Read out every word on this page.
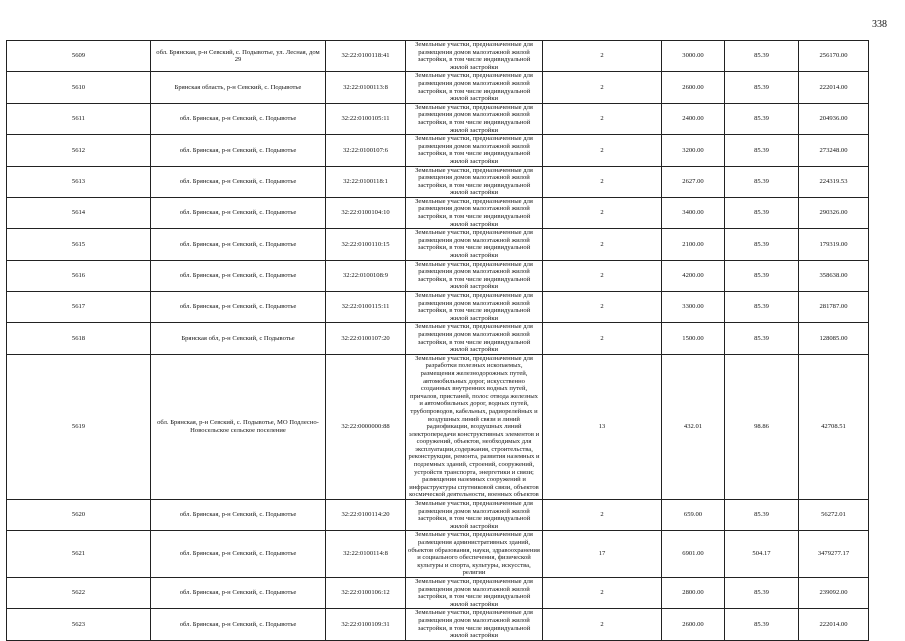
338
5609	обл. Брянская, р-н Севский, с. Подывотье, ул. Лесная, дом 29	32:22:0100118:41	Земельные участки, предназначенные для размещения домов малоэтажной жилой застройки, в том числе индивидуальной жилой застройки	2	3000.00	85.39	256170.00
5610	Брянская область, р-н Севский, с. Подывотье	32:22:0100113:8	Земельные участки, предназначенные для размещения домов малоэтажной жилой застройки, в том числе индивидуальной жилой застройки	2	2600.00	85.39	222014.00
5611	обл. Брянская, р-н Севский, с. Подывотье	32:22:0100105:11	Земельные участки, предназначенные для размещения домов малоэтажной жилой застройки, в том числе индивидуальной жилой застройки	2	2400.00	85.39	204936.00
5612	обл. Брянская, р-н Севский, с. Подывотье	32:22:0100107:6	Земельные участки, предназначенные для размещения домов малоэтажной жилой застройки, в том числе индивидуальной жилой застройки	2	3200.00	85.39	273248.00
5613	обл. Брянская, р-н Севский, с. Подывотье	32:22:0100118:1	Земельные участки, предназначенные для размещения домов малоэтажной жилой застройки, в том числе индивидуальной жилой застройки	2	2627.00	85.39	224319.53
5614	обл. Брянская, р-н Севский, с. Подывотье	32:22:0100104:10	Земельные участки, предназначенные для размещения домов малоэтажной жилой застройки, в том числе индивидуальной жилой застройки	2	3400.00	85.39	290326.00
5615	обл. Брянская, р-н Севский, с. Подывотье	32:22:0100110:15	Земельные участки, предназначенные для размещения домов малоэтажной жилой застройки, в том числе индивидуальной жилой застройки	2	2100.00	85.39	179319.00
5616	обл. Брянская, р-н Севский, с. Подывотье	32:22:0100108:9	Земельные участки, предназначенные для размещения домов малоэтажной жилой застройки, в том числе индивидуальной жилой застройки	2	4200.00	85.39	358638.00
5617	обл. Брянская, р-н Севский, с. Подывотье	32:22:0100115:11	Земельные участки, предназначенные для размещения домов малоэтажной жилой застройки, в том числе индивидуальной жилой застройки	2	3300.00	85.39	281787.00
5618	Брянская обл, р-н Севский, с Подывотье	32:22:0100107:20	Земельные участки, предназначенные для размещения домов малоэтажной жилой застройки, в том числе индивидуальной жилой застройки	2	1500.00	85.39	128085.00
5619	обл. Брянская, р-н Севский, с. Подывотье, МО Подлесно-Новосельское сельское поселение	32:22:0000000:88	Земельные участки, предназначенные для разработки полезных ископаемых, размещения железнодорожных путей, автомобильных дорог, искусственно созданных внутренних водных путей, причалов, пристаней, полос отвода железных и автомобильных дорог, водных путей, трубопроводов, кабельных, радиорелейных и воздушных линий связи и линий радиофикации, воздушных линий электропередачи конструктивных элементов и сооружений, объектов, необходимых для эксплуатации,содержания, строительства, реконструкции, ремонта, развития наземных и подземных зданий, строений, сооружений, устройств транспорта, энергетики и связи; размещения наземных сооружений и инфраструктуры спутниковой связи, объектов космической деятельности, военных объектов	13	432.01	98.86	42708.51
5620	обл. Брянская, р-н Севский, с. Подывотье	32:22:0100114:20	Земельные участки, предназначенные для размещения домов малоэтажной жилой застройки, в том числе индивидуальной жилой застройки	2	659.00	85.39	56272.01
5621	обл. Брянская, р-н Севский, с. Подывотье	32:22:0100114:8	Земельные участки, предназначенные для размещения административных зданий, объектов образования, науки, здравоохранения и социального обеспечения, физической культуры и спорта, культуры, искусства, религии	17	6901.00	504.17	3479277.17
5622	обл. Брянская, р-н Севский, с. Подывотье	32:22:0100106:12	Земельные участки, предназначенные для размещения домов малоэтажной жилой застройки, в том числе индивидуальной жилой застройки	2	2800.00	85.39	239092.00
5623	обл. Брянская, р-н Севский, с. Подывотье	32:22:0100109:31	Земельные участки, предназначенные для размещения домов малоэтажной жилой застройки, в том числе индивидуальной жилой застройки	2	2600.00	85.39	222014.00
